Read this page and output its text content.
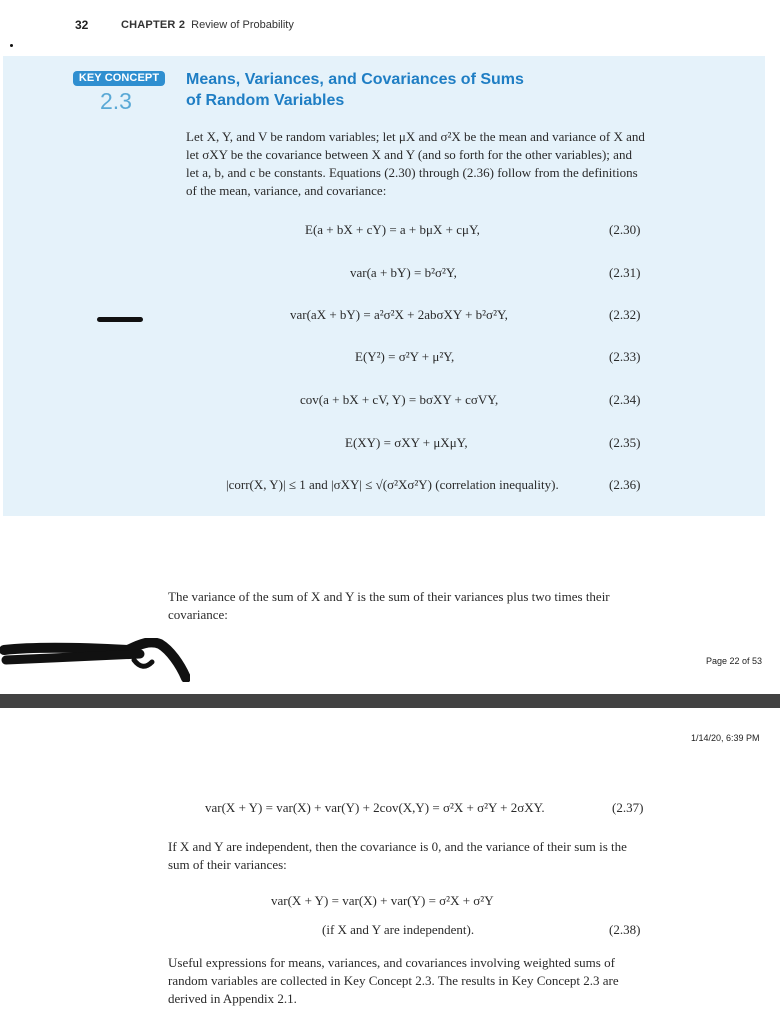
32	CHAPTER 2 Review of Probability
KEY CONCEPT
2.3
Means, Variances, and Covariances of Sums
of Random Variables
Let X, Y, and V be random variables; let μX and σ²X be the mean and variance of X and let σXY be the covariance between X and Y (and so forth for the other variables); and let a, b, and c be constants. Equations (2.30) through (2.36) follow from the definitions of the mean, variance, and covariance:
E(a + bX + cY) = a + bμX + cμY,	(2.30)
var(a + bY) = b²σ²Y,	(2.31)
var(aX + bY) = a²σ²X + 2abσXY + b²σ²Y,	(2.32)
E(Y²) = σ²Y + μ²Y,	(2.33)
cov(a + bX + cV, Y) = bσXY + cσVY,	(2.34)
E(XY) = σXY + μXμY,	(2.35)
|corr(X, Y)| ≤ 1 and |σXY| ≤ √(σ²Xσ²Y) (correlation inequality).	(2.36)
The variance of the sum of X and Y is the sum of their variances plus two times their covariance:
Page 22 of 53
1/14/20, 6:39 PM
var(X + Y) = var(X) + var(Y) + 2cov(X,Y) = σ²X + σ²Y + 2σXY.	(2.37)
If X and Y are independent, then the covariance is 0, and the variance of their sum is the sum of their variances:
var(X + Y) = var(X) + var(Y) = σ²X + σ²Y
(if X and Y are independent).	(2.38)
Useful expressions for means, variances, and covariances involving weighted sums of random variables are collected in Key Concept 2.3. The results in Key Concept 2.3 are derived in Appendix 2.1.
